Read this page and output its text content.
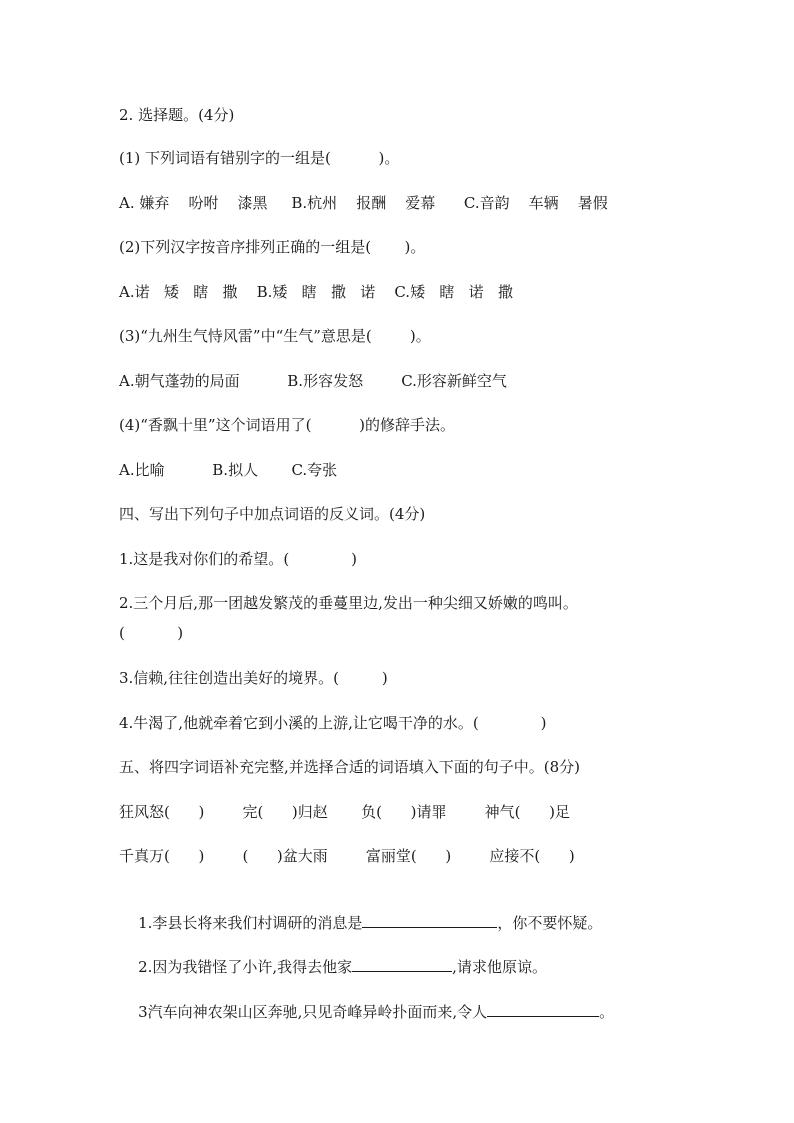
2. 选择题。(4分)
(1) 下列词语有错别字的一组是(          )。
A. 嫌弃    吩咐    漆黑     B.杭州    报酬    爱幕      C.音韵    车辆    暑假
(2)下列汉字按音序排列正确的一组是(       )。
A.诺   矮   瞎   撒    B.矮   瞎   撒   诺    C.矮   瞎   诺   撒
(3)“九州生气恃风雷”中“生气”意思是(        )。
A.朝气蓬勃的局面          B.形容发怒        C.形容新鲜空气
(4)“香飘十里”这个词语用了(          )的修辞手法。
A.比喻          B.拟人       C.夸张
四、写出下列句子中加点词语的反义词。(4分)
1.这是我对你们的希望。(             )
2.三个月后,那一团越发繁茂的垂蔓里边,发出一种尖细又娇嫩的鸣叫。
(           )
3.信赖,往往创造出美好的境界。(         )
4.牛渴了,他就牵着它到小溪的上游,让它喝干净的水。(             )
五、将四字词语补充完整,并选择合适的词语填入下面的句子中。(8分)
狂风怒(      )        完(      )归赵       负(      )请罪        神气(      )足
千真万(      )        (      )盆大雨        富丽堂(      )        应接不(      )

1.李县长将来我们村调研的消息是	，你不要怀疑。

2.因为我错怪了小许,我得去他家	,请求他原谅。

3汽车向神农架山区奔驰,只见奇峰异岭扑面而来,令人	。
